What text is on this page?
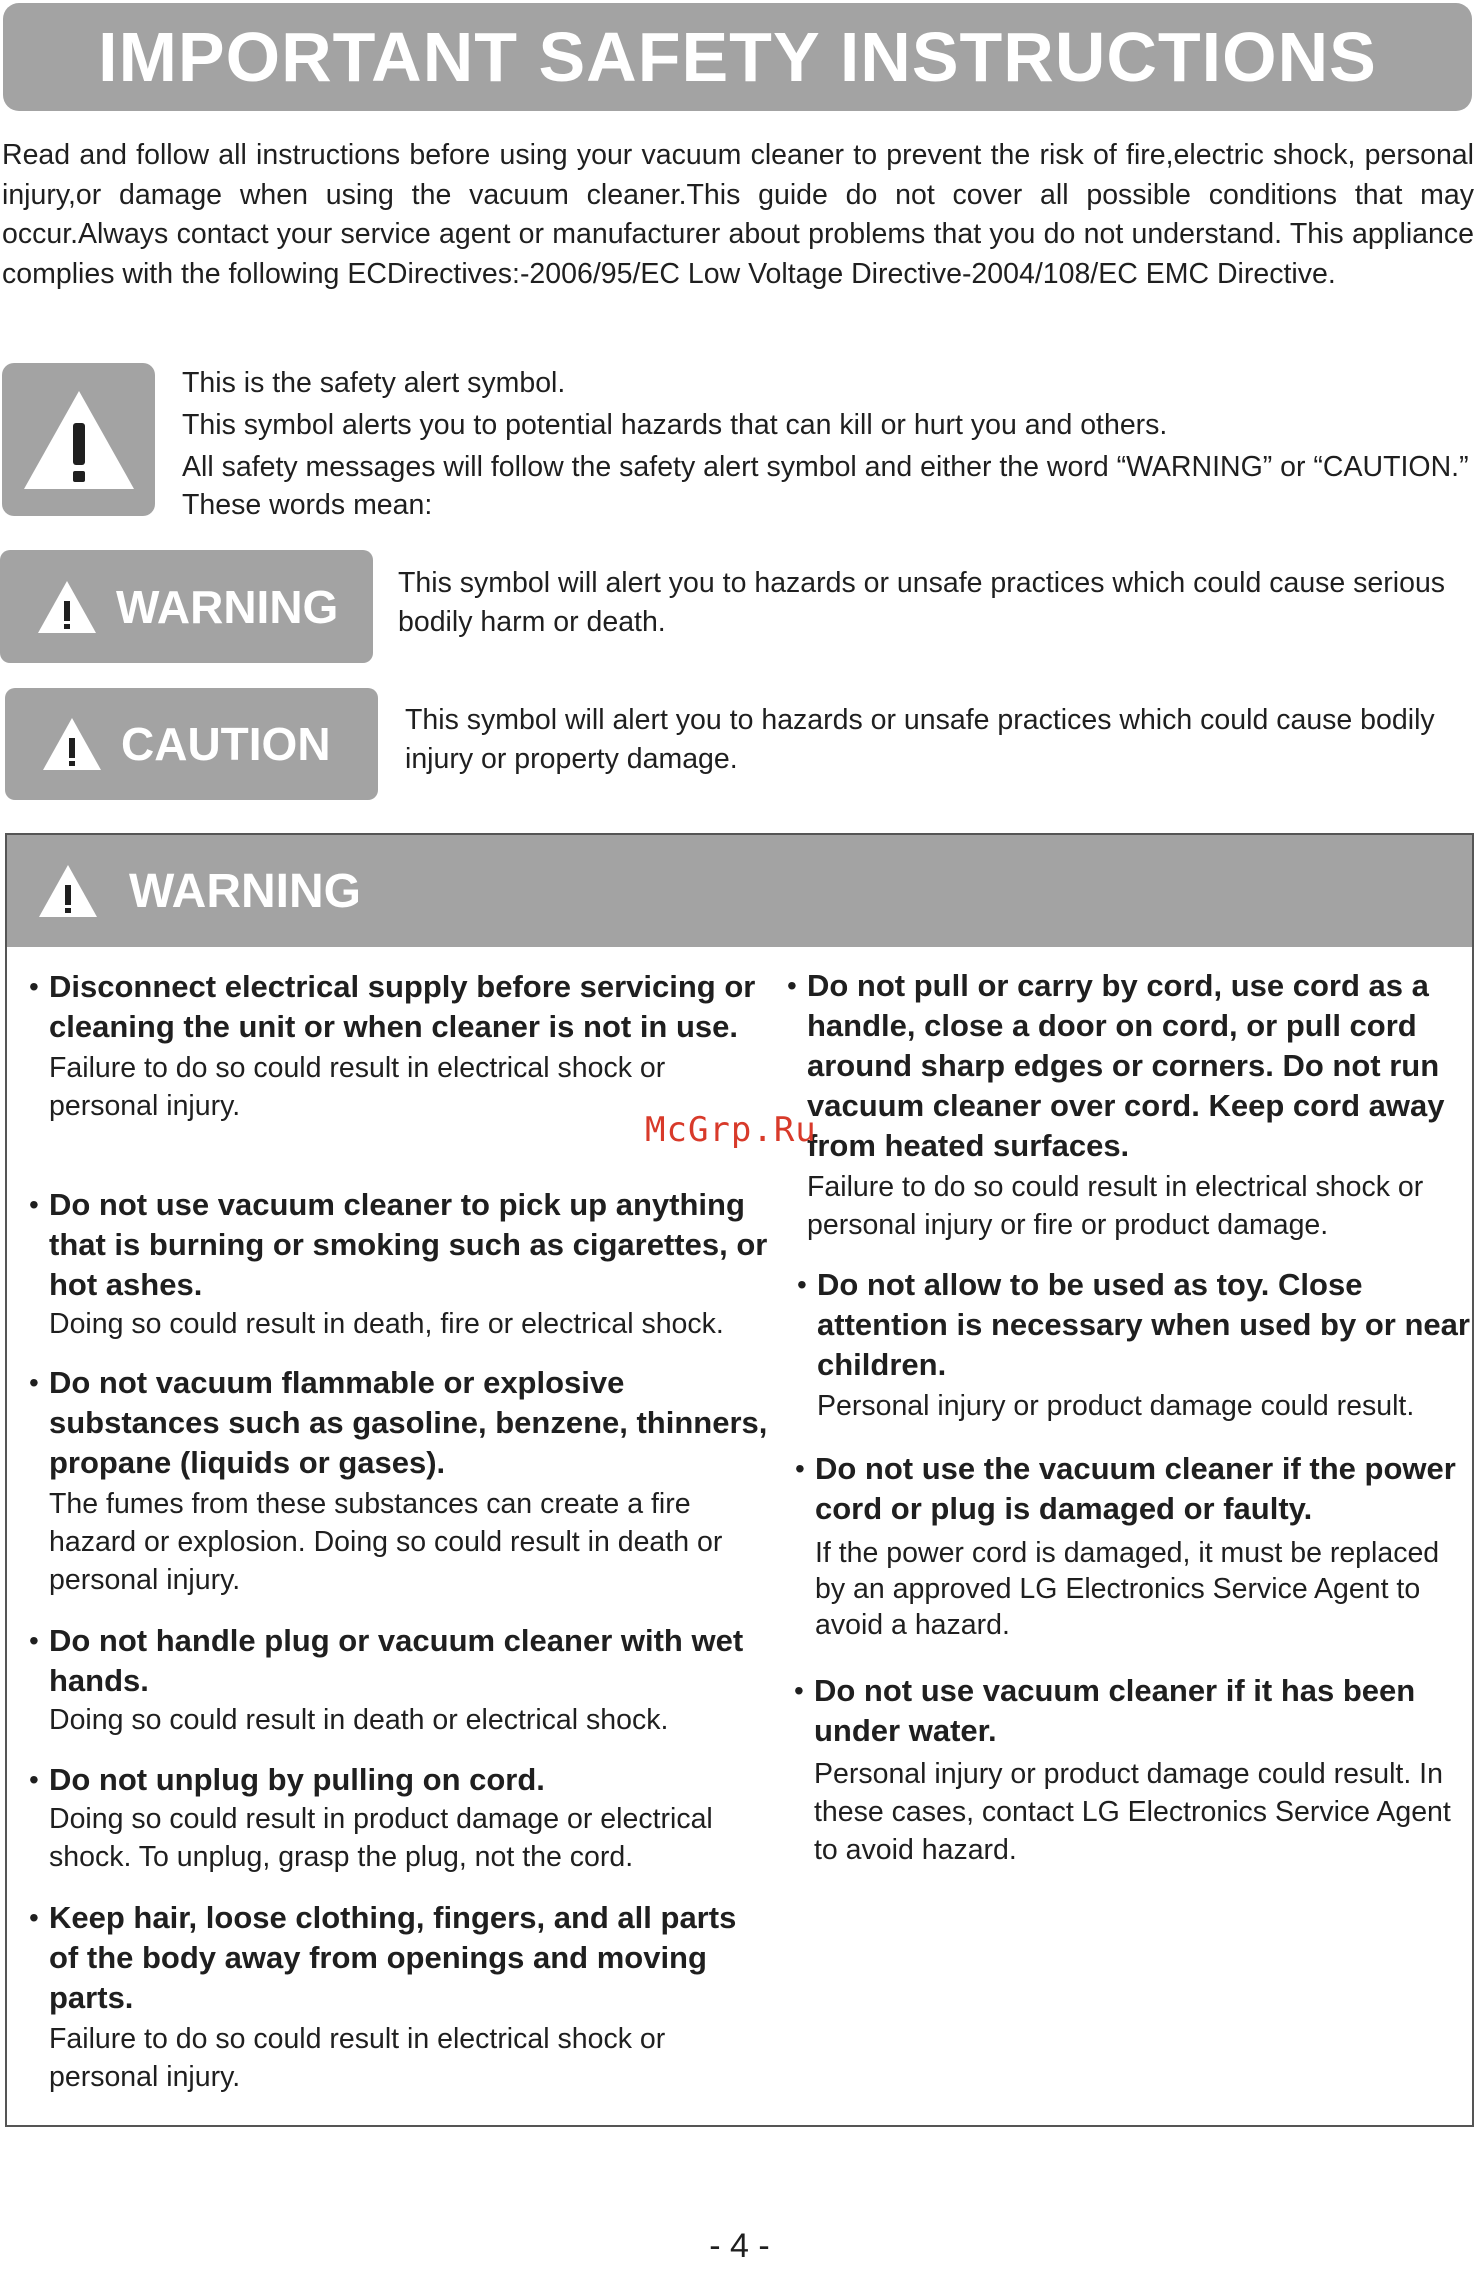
IMPORTANT SAFETY INSTRUCTIONS

Read and follow all instructions before using your vacuum cleaner to prevent the risk of fire,electric shock, personal injury,or damage when using the vacuum cleaner.This guide do not cover all possible conditions that may occur.Always contact your service agent or manufacturer about problems that you do not understand. This appliance complies with the following ECDirectives:-2006/95/EC Low Voltage Directive-2004/108/EC EMC Directive.

This is the safety alert symbol.

This symbol alerts you to potential hazards that can kill or hurt you and others.

All safety messages will follow the safety alert symbol and either the word “WARNING” or “CAUTION.” These words mean:

WARNING This symbol will alert you to hazards or unsafe practices which could cause serious bodily harm or death.

CAUTION	This symbol will alert you to hazards or unsafe practices which could cause bodily injury or property damage.

WARNING
• Disconnect electrical supply before servicing or cleaning the unit or when cleaner is not in use.

Failure to do so could result in electrical shock or personal injury.

• Do not use vacuum cleaner to pick up anything that is burning or smoking such as cigarettes, or hot ashes.

Doing so could result in death, fire or electrical shock.

• Do not vacuum flammable or explosive substances such as gasoline, benzene, thinners, propane (liquids or gases).

The fumes from these substances can create a fire hazard or explosion. Doing so could result in death or personal injury.

• Do not handle plug or vacuum cleaner with wet hands.

Doing so could result in death or electrical shock.

• Do not unplug by pulling on cord.

Doing so could result in product damage or electrical shock. To unplug, grasp the plug, not the cord.

• Keep hair, loose clothing, fingers, and all parts of the body away from openings and moving parts.

Failure to do so could result in electrical shock or personal injury.

• Do not pull or carry by cord, use cord as a handle, close a door on cord, or pull cord around sharp edges or corners. Do not run vacuum cleaner over cord. Keep cord away from heated surfaces.

Failure to do so could result in electrical shock or personal injury or fire or product damage.

• Do not allow to be used as toy. Close attention is necessary when used by or near children.

Personal injury or product damage could result.

• Do not use the vacuum cleaner if the power cord or plug is damaged or faulty.

If the power cord is damaged, it must be replaced by an approved LG Electronics Service Agent to avoid a hazard.

• Do not use vacuum cleaner if it has been under water.

Personal injury or product damage could result. In these cases, contact LG Electronics Service Agent to avoid hazard.

McGrp.Ru
- 4 -
